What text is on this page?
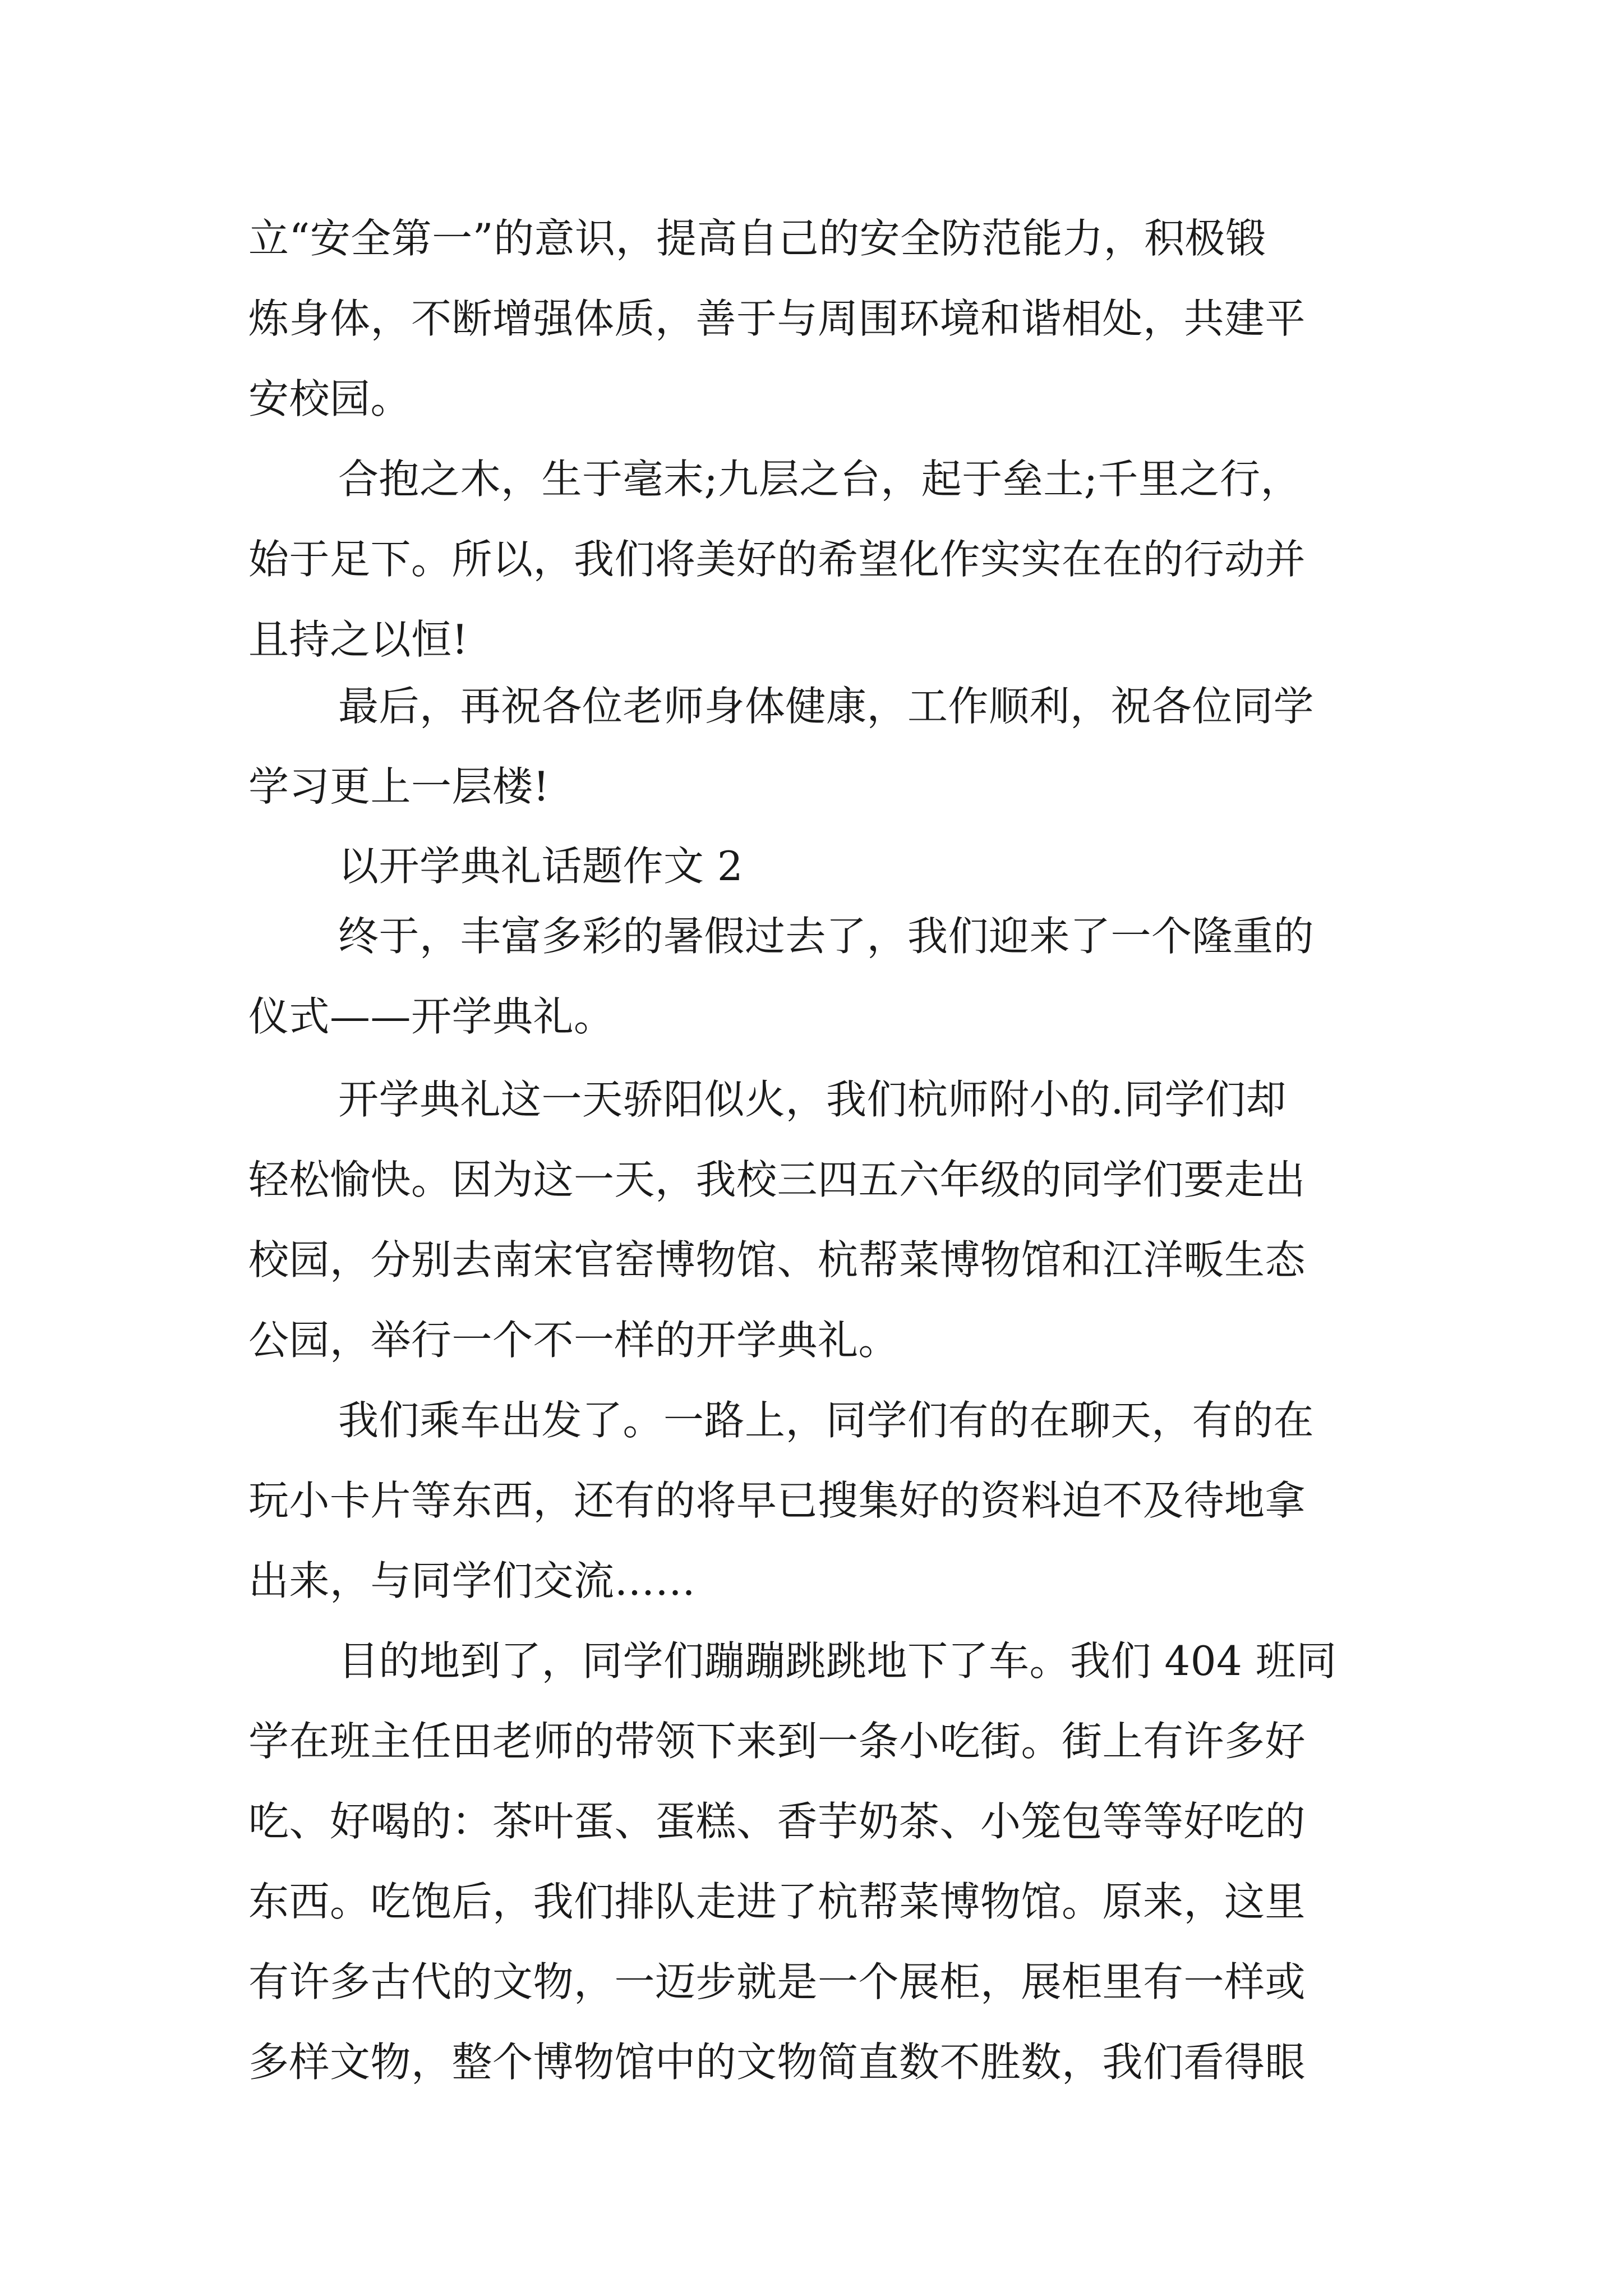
立“安全第一”的意识，提高自己的安全防范能力，积极锻
炼身体，不断增强体质，善于与周围环境和谐相处，共建平
安校园。
合抱之木，生于毫末;九层之台，起于垒土;千里之行，
始于足下。所以，我们将美好的希望化作实实在在的行动并
且持之以恒!
最后，再祝各位老师身体健康，工作顺利，祝各位同学
学习更上一层楼!
以开学典礼话题作文 2
终于，丰富多彩的暑假过去了，我们迎来了一个隆重的
仪式——开学典礼。
开学典礼这一天骄阳似火，我们杭师附小的.同学们却
轻松愉快。因为这一天，我校三四五六年级的同学们要走出
校园，分别去南宋官窑博物馆、杭帮菜博物馆和江洋畈生态
公园，举行一个不一样的开学典礼。
我们乘车出发了。一路上，同学们有的在聊天，有的在
玩小卡片等东西，还有的将早已搜集好的资料迫不及待地拿
出来，与同学们交流……
目的地到了，同学们蹦蹦跳跳地下了车。我们 404 班同
学在班主任田老师的带领下来到一条小吃街。街上有许多好
吃、好喝的：茶叶蛋、蛋糕、香芋奶茶、小笼包等等好吃的
东西。吃饱后，我们排队走进了杭帮菜博物馆。原来，这里
有许多古代的文物，一迈步就是一个展柜，展柜里有一样或
多样文物，整个博物馆中的文物简直数不胜数，我们看得眼
